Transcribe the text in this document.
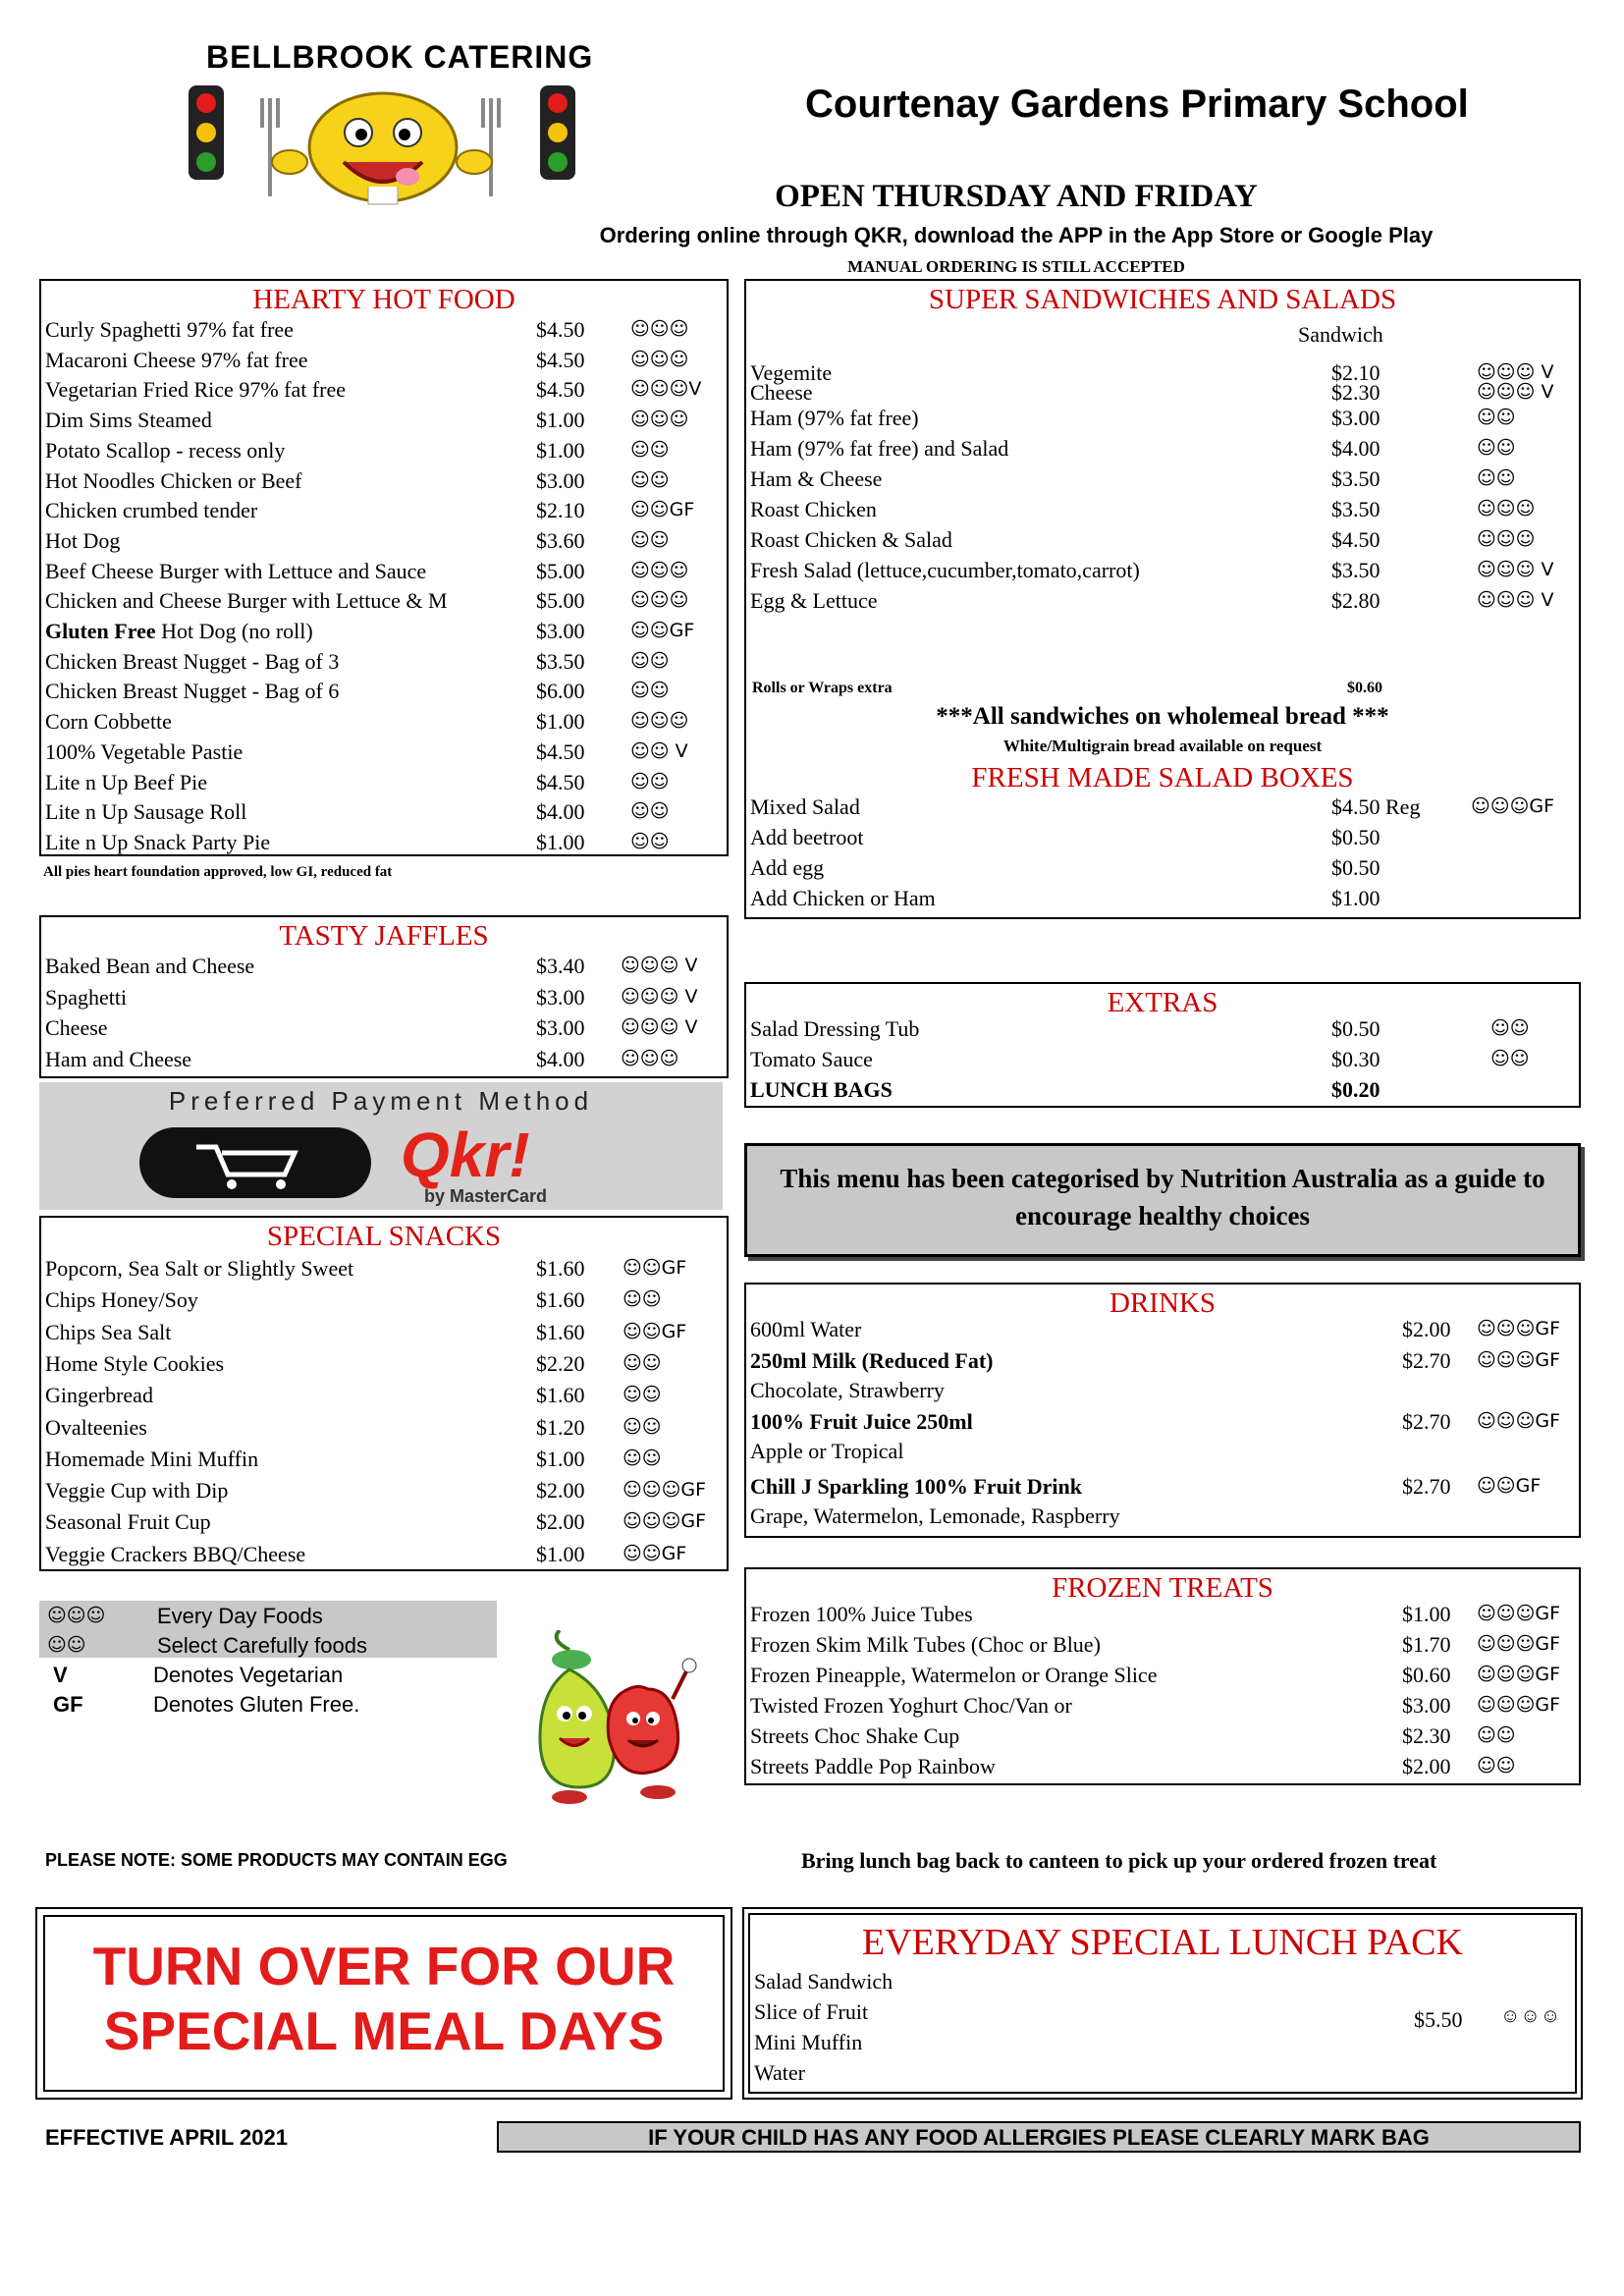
BELLBROOK CATERING
Courtenay Gardens Primary School
OPEN THURSDAY AND FRIDAY
Ordering online through QKR, download the APP in the App Store or Google Play
MANUAL ORDERING IS STILL ACCEPTED
HEARTY HOT FOOD
Curly Spaghetti 97% fat free	$4.50 ☺☺☺
Macaroni Cheese 97% fat free	$4.50 ☺☺☺
Vegetarian Fried Rice 97% fat free	$4.50 ☺☺☺V
Dim Sims Steamed	$1.00 ☺☺☺
Potato Scallop - recess only	$1.00 ☺☺
Hot Noodles Chicken or Beef	$3.00 ☺☺
Chicken crumbed tender	$2.10 ☺☺GF
Hot Dog	$3.60 ☺☺
Beef Cheese Burger with Lettuce and Sauce	$5.00 ☺☺☺
Chicken and Cheese Burger with Lettuce & M	$5.00 ☺☺☺
Gluten Free Hot Dog (no roll)	$3.00 ☺☺GF
Chicken Breast Nugget - Bag of 3	$3.50 ☺☺
Chicken Breast Nugget - Bag of 6	$6.00 ☺☺
Corn Cobbette	$1.00 ☺☺☺
100% Vegetable Pastie	$4.50 ☺☺ V
Lite n Up Beef Pie	$4.50 ☺☺
Lite n Up Sausage Roll	$4.00 ☺☺
Lite n Up Snack Party Pie	$1.00 ☺☺
All pies heart foundation approved, low GI, reduced fat
TASTY JAFFLES
Baked Bean and Cheese	$3.40 ☺☺☺ V
Spaghetti	$3.00 ☺☺☺ V
Cheese	$3.00 ☺☺☺ V
Ham and Cheese	$4.00 ☺☺☺
Preferred Payment Method
Qkr!
by MasterCard
SPECIAL SNACKS
Popcorn, Sea Salt or Slightly Sweet	$1.60 ☺☺GF
Chips Honey/Soy	$1.60 ☺☺
Chips Sea Salt	$1.60 ☺☺GF
Home Style Cookies	$2.20 ☺☺
Gingerbread	$1.60 ☺☺
Ovalteenies	$1.20 ☺☺
Homemade Mini Muffin	$1.00 ☺☺
Veggie Cup with Dip	$2.00 ☺☺☺GF
Seasonal Fruit Cup	$2.00 ☺☺☺GF
Veggie Crackers BBQ/Cheese	$1.00 ☺☺GF
☺☺☺ Every Day Foods
☺☺	Select Carefully foods
V	Denotes Vegetarian
GF	Denotes Gluten Free.
SUPER SANDWICHES AND SALADS
Sandwich
Vegemite	$2.10	☺☺☺ V
Cheese	$2.30	☺☺☺ V
Ham (97% fat free)	$3.00	☺☺
Ham (97% fat free) and Salad	$4.00	☺☺
Ham & Cheese	$3.50	☺☺
Roast Chicken	$3.50	☺☺☺
Roast Chicken & Salad	$4.50	☺☺☺
Fresh Salad (lettuce,cucumber,tomato,carrot)	$3.50	☺☺☺ V
Egg & Lettuce	$2.80	☺☺☺ V
Rolls or Wraps extra	$0.60
***All sandwiches on wholemeal bread ***
White/Multigrain bread available on request
FRESH MADE SALAD BOXES
Mixed Salad	$4.50 Reg	☺☺☺GF
Add beetroot	$0.50
Add egg	$0.50
Add Chicken or Ham	$1.00
EXTRAS
Salad Dressing Tub	$0.50	☺☺
Tomato Sauce	$0.30	☺☺
LUNCH BAGS	$0.20
This menu has been categorised by Nutrition Australia as a guide to encourage healthy choices
DRINKS
600ml Water	$2.00 ☺☺☺GF
250ml Milk (Reduced Fat)	$2.70 ☺☺☺GF
Chocolate, Strawberry
100% Fruit Juice 250ml	$2.70 ☺☺☺GF
Apple or Tropical
Chill J Sparkling 100% Fruit Drink	$2.70 ☺☺GF
Grape, Watermelon, Lemonade, Raspberry
FROZEN TREATS
Frozen 100% Juice Tubes	$1.00 ☺☺☺GF
Frozen Skim Milk Tubes (Choc or Blue)	$1.70 ☺☺☺GF
Frozen Pineapple, Watermelon or Orange Slice	$0.60 ☺☺☺GF
Twisted Frozen Yoghurt Choc/Van or	$3.00 ☺☺☺GF
Streets Choc Shake Cup	$2.30 ☺☺
Streets Paddle Pop Rainbow	$2.00 ☺☺
PLEASE NOTE: SOME PRODUCTS MAY CONTAIN EGG	Bring lunch bag back to canteen to pick up your ordered frozen treat
TURN OVER FOR OUR
SPECIAL MEAL DAYS
EVERYDAY SPECIAL LUNCH PACK
Salad Sandwich
Slice of Fruit
Mini Muffin
Water
$5.50 ☺☺☺
EFFECTIVE APRIL 2021	IF YOUR CHILD HAS ANY FOOD ALLERGIES PLEASE CLEARLY MARK BAG
